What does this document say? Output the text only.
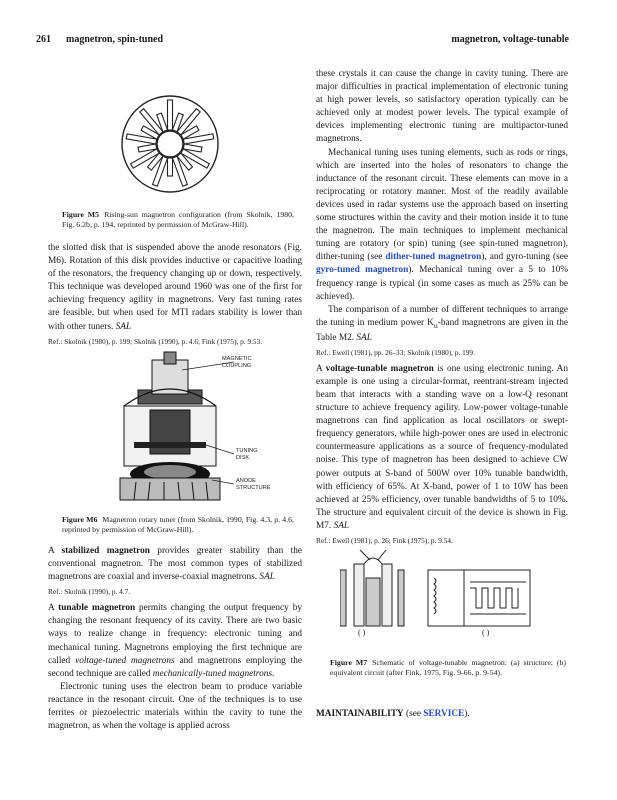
261 magnetron, spin-tuned	magnetron, voltage-tunable
Figure M5 Rising-sun magnetron configuration (from Skolnik, 1980, Fig. 6.2b, p. 194, reprinted by permission of McGraw-Hill).

the slotted disk that is suspended above the anode resonators (Fig. M6). Rotation of this disk provides inductive or capacitive loading of the resonators, the frequency changing up or down, respectively. This technique was developed around 1960 was one of the first for achieving frequency agility in magnetrons. Very fast tuning rates are feasible, but when used for MTI radars stability is lower than with other tuners. SAL

Ref.: Skolnik (1980), p. 199; Skolnik (1990), p. 4.6; Fink (1975), p. 9.53.

MAGNETIC
COUPLING
TUNING
DISK
ANODE
STRUCTURE
Figure M6 Magnetron rotary tuner (from Skolnik, 1990, Fig. 4.3, p. 4.6, reprinted by permission of McGraw-Hill).

A stabilized magnetron provides greater stability than the conventional magnetron. The most common types of stabilized magnetrons are coaxial and inverse-coaxial magnetrons. SAL

Ref.: Skolnik (1990), p. 4.7.

A tunable magnetron permits changing the output frequency by changing the resonant frequency of its cavity. There are two basic ways to realize change in frequency: electronic tuning and mechanical tuning. Magnetrons employing the first technique are called voltage-tuned magnetrons and magnetrons employing the second technique are called mechanically-tuned magnetrons.

Electronic tuning uses the electron beam to produce variable reactance in the resonant circuit. One of the techniques is to use ferrites or piezoelectric materials within the cavity to tune the magnetron, as when the voltage is applied across

these crystals it can cause the change in cavity tuning. There are major difficulties in practical implementation of electronic tuning at high power levels, so satisfactory operation typically can be achieved only at modest power levels. The typical example of devices implementing electronic tuning are multipactor-tuned magnetrons.

Mechanical tuning uses tuning elements, such as rods or rings, which are inserted into the holes of resonators to change the inductance of the resonant circuit. These elements can move in a reciprocating or rotatory manner. Most of the readily available devices used in radar systems use the approach based on inserting some structures within the cavity and their motion inside it to tune the magnetron. The main techniques to implement mechanical tuning are rotatory (or spin) tuning (see spin-tuned magnetron), dither-tuning (see dither-tuned magnetron), and gyro-tuning (see gyro-tuned magnetron). Mechanical tuning over a 5 to 10% frequency range is typical (in some cases as much as 25% can be achieved).

The comparison of a number of different techniques to arrange the tuning in medium power $K_u$-band magnetrons are given in the Table M2. SAL

Ref.: Ewell (1981), pp. 26–33; Skolnik (1980), p. 199.

A voltage-tunable magnetron is one using electronic tuning. An example is one using a circular-format, reentrant-stream injected beam that interacts with a standing wave on a low-Q resonant structure to achieve frequency agility. Low-power voltage-tunable magnetrons can find application as local oscillators or swept-frequency generators, while high-power ones are used in electronic countermeasure applications as a source of frequency-modulated noise. This type of magnetron has been designed to achieve CW power outputs at S-band of 500W over 10% tunable bandwidth, with efficiency of 65%. At X-band, power of 1 to 10W has been achieved at 25% efficiency, over tunable bandwidths of 5 to 10%. The structure and equivalent circuit of the device is shown in Fig. M7. SAL

Ref.: Ewell (1981), p. 26; Fink (1975), p. 9.54.

( )	( )
Figure M7 Schematic of voltage-tunable magnetron: (a) structure; (b) equivalent circuit (after Fink, 1975, Fig. 9-66, p. 9-54).

MAINTAINABILITY (see SERVICE).
